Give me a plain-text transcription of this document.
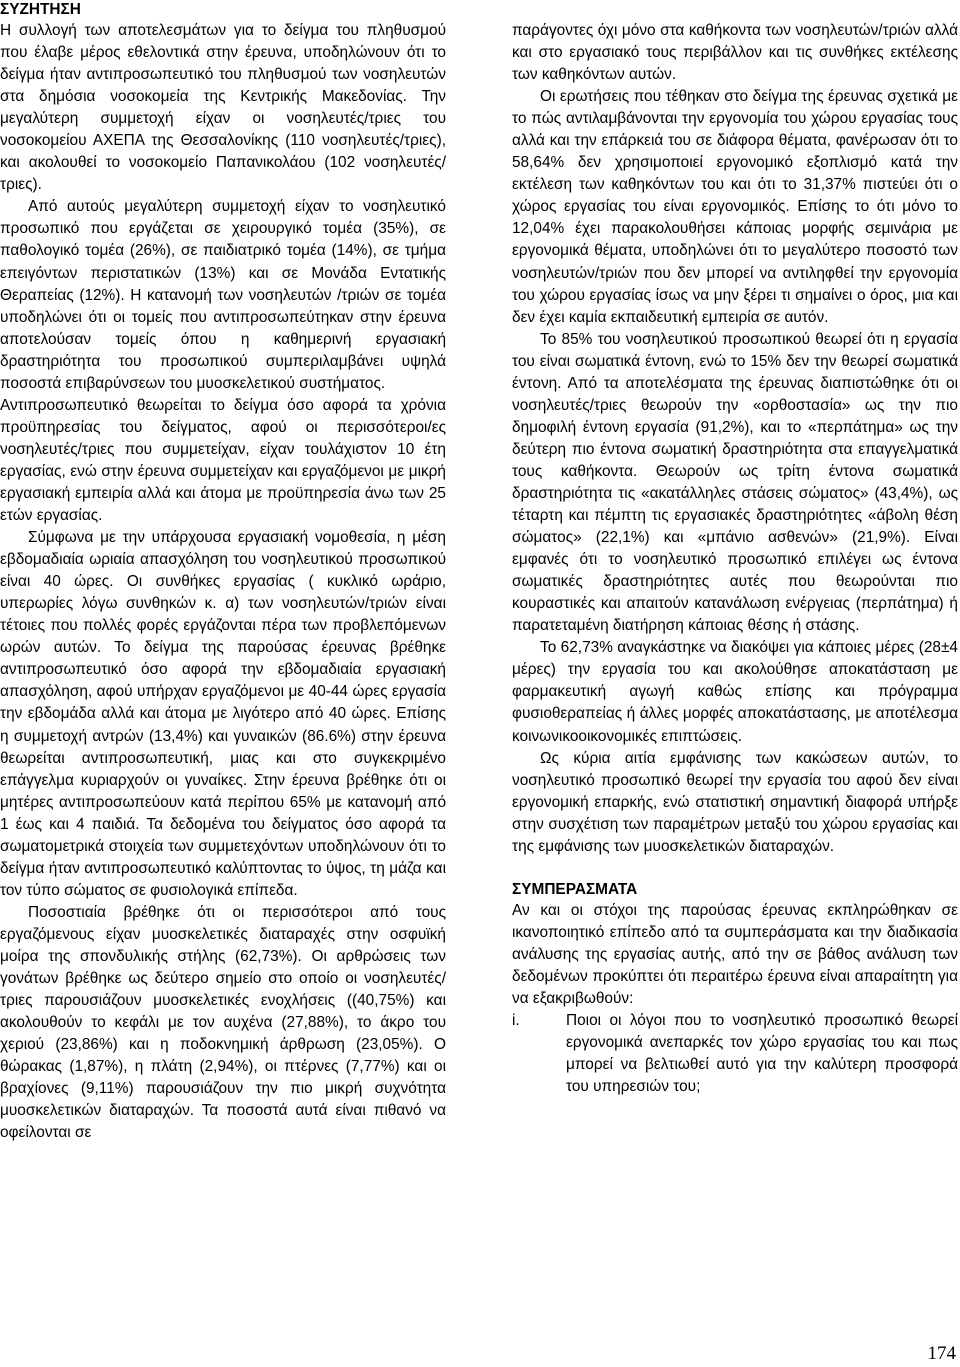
ΣΥΖΗΤΗΣΗ

Η συλλογή των αποτελεσμάτων για το δείγμα του πληθυσμού που έλαβε μέρος εθελοντικά στην έρευνα, υποδηλώνουν ότι το δείγμα ήταν αντιπροσωπευτικό του πληθυσμού των νοσηλευτών στα δημόσια νοσοκομεία της Κεντρικής Μακεδονίας. Την μεγαλύτερη συμμετοχή είχαν οι νοσηλευτές/τριες του νοσοκομείου ΑΧΕΠΑ της Θεσσαλονίκης (110 νοσηλευτές/τριες), και ακολουθεί το νοσοκομείο Παπανικολάου (102 νοσηλευτές/τριες).

Από αυτούς μεγαλύτερη συμμετοχή είχαν το νοσηλευτικό προσωπικό που εργάζεται σε χειρουργικό τομέα (35%), σε παθολογικό τομέα (26%), σε παιδιατρικό τομέα (14%), σε τμήμα επειγόντων περιστατικών (13%) και σε Μονάδα Εντατικής Θεραπείας (12%). Η κατανομή των νοσηλευτών /τριών σε τομέα υποδηλώνει ότι οι τομείς που αντιπροσωπεύτηκαν στην έρευνα αποτελούσαν τομείς όπου η καθημερινή εργασιακή δραστηριότητα του προσωπικού συμπεριλαμβάνει υψηλά ποσοστά επιβαρύνσεων του μυοσκελετικού συστήματος.

Αντιπροσωπευτικό θεωρείται το δείγμα όσο αφορά τα χρόνια προϋπηρεσίας του δείγματος, αφού οι περισσότεροι/ες νοσηλευτές/τριες που συμμετείχαν, είχαν τουλάχιστον 10 έτη εργασίας, ενώ στην έρευνα συμμετείχαν και εργαζόμενοι με μικρή εργασιακή εμπειρία αλλά και άτομα με προϋπηρεσία άνω των 25 ετών εργασίας.

Σύμφωνα με την υπάρχουσα εργασιακή νομοθεσία, η μέση εβδομαδιαία ωριαία απασχόληση του νοσηλευτικού προσωπικού είναι 40 ώρες. Οι συνθήκες εργασίας ( κυκλικό ωράριο, υπερωρίες λόγω συνθηκών κ. α) των νοσηλευτών/τριών είναι τέτοιες που πολλές φορές εργάζονται πέρα των προβλεπόμενων ωρών αυτών. Το δείγμα της παρούσας έρευνας βρέθηκε αντιπροσωπευτικό όσο αφορά την εβδομαδιαία εργασιακή απασχόληση, αφού υπήρχαν εργαζόμενοι με 40-44 ώρες εργασία την εβδομάδα αλλά και άτομα με λιγότερο από 40 ώρες. Επίσης η συμμετοχή αντρών (13,4%) και γυναικών (86.6%) στην έρευνα θεωρείται αντιπροσωπευτική, μιας και στο συγκεκριμένο επάγγελμα κυριαρχούν οι γυναίκες. Στην έρευνα βρέθηκε ότι οι μητέρες αντιπροσωπεύουν κατά περίπου 65% με κατανομή από 1 έως και 4 παιδιά. Τα δεδομένα του δείγματος όσο αφορά τα σωματομετρικά στοιχεία των συμμετεχόντων υποδηλώνουν ότι το δείγμα ήταν αντιπροσωπευτικό καλύπτοντας το ύψος, τη μάζα και τον τύπο σώματος σε φυσιολογικά επίπεδα.

Ποσοστιαία βρέθηκε ότι οι περισσότεροι από τους εργαζόμενους είχαν μυοσκελετικές διαταραχές στην οσφυϊκή μοίρα της σπονδυλικής στήλης (62,73%). Οι αρθρώσεις των γονάτων βρέθηκε ως δεύτερο σημείο στο οποίο οι νοσηλευτές/τριες παρουσιάζουν μυοσκελετικές ενοχλήσεις ((40,75%) και ακολουθούν το κεφάλι με τον αυχένα (27,88%), το άκρο του χεριού (23,86%) και η ποδοκνημική άρθρωση (23,05%). Ο θώρακας (1,87%), η πλάτη (2,94%), οι πτέρνες (7,77%) και οι βραχίονες (9,11%) παρουσιάζουν την πιο μικρή συχνότητα μυοσκελετικών διαταραχών. Τα ποσοστά αυτά είναι πιθανό να οφείλονται σε

παράγοντες όχι μόνο στα καθήκοντα των νοσηλευτών/τριών αλλά και στο εργασιακό τους περιβάλλον και τις συνθήκες εκτέλεσης των καθηκόντων αυτών.

Οι ερωτήσεις που τέθηκαν στο δείγμα της έρευνας σχετικά με το πώς αντιλαμβάνονται την εργονομία του χώρου εργασίας τους αλλά και την επάρκειά του σε διάφορα θέματα, φανέρωσαν ότι το 58,64% δεν χρησιμοποιεί εργονομικό εξοπλισμό κατά την εκτέλεση των καθηκόντων του και ότι το 31,37% πιστεύει ότι ο χώρος εργασίας του είναι εργονομικός. Επίσης το ότι μόνο το 12,04% έχει παρακολουθήσει κάποιας μορφής σεμινάρια με εργονομικά θέματα, υποδηλώνει ότι το μεγαλύτερο ποσοστό των νοσηλευτών/τριών που δεν μπορεί να αντιληφθεί την εργονομία του χώρου εργασίας ίσως να μην ξέρει τι σημαίνει ο όρος, μια και δεν έχει καμία εκπαιδευτική εμπειρία σε αυτόν.

Το 85% του νοσηλευτικού προσωπικού θεωρεί ότι η εργασία του είναι σωματικά έντονη, ενώ το 15% δεν την θεωρεί σωματικά έντονη. Από τα αποτελέσματα της έρευνας διαπιστώθηκε ότι οι νοσηλευτές/τριες θεωρούν την «ορθοστασία» ως την πιο δημοφιλή έντονη εργασία (91,2%), και το «περπάτημα» ως την δεύτερη πιο έντονα σωματική δραστηριότητα στα επαγγελματικά τους καθήκοντα. Θεωρούν ως τρίτη έντονα σωματικά δραστηριότητα τις «ακατάλληλες στάσεις σώματος» (43,4%), ως τέταρτη και πέμπτη τις εργασιακές δραστηριότητες «άβολη θέση σώματος» (22,1%) και «μπάνιο ασθενών» (21,9%). Είναι εμφανές ότι το νοσηλευτικό προσωπικό επιλέγει ως έντονα σωματικές δραστηριότητες αυτές που θεωρούνται πιο κουραστικές και απαιτούν κατανάλωση ενέργειας (περπάτημα) ή παρατεταμένη διατήρηση κάποιας θέσης ή στάσης.

Το 62,73% αναγκάστηκε να διακόψει για κάποιες μέρες (28±4 μέρες) την εργασία του και ακολούθησε αποκατάσταση με φαρμακευτική αγωγή καθώς επίσης και πρόγραμμα φυσιοθεραπείας ή άλλες μορφές αποκατάστασης, με αποτέλεσμα κοινωνικοοικονομικές επιπτώσεις.

Ως κύρια αιτία εμφάνισης των κακώσεων αυτών, το νοσηλευτικό προσωπικό θεωρεί την εργασία του αφού δεν είναι εργονομική επαρκής, ενώ στατιστική σημαντική διαφορά υπήρξε στην συσχέτιση των παραμέτρων μεταξύ του χώρου εργασίας και της εμφάνισης των μυοσκελετικών διαταραχών.

ΣΥΜΠΕΡΑΣΜΑΤΑ

Αν και οι στόχοι της παρούσας έρευνας εκπληρώθηκαν σε ικανοποιητικό επίπεδο από τα συμπεράσματα και την διαδικασία ανάλυσης της εργασίας αυτής, από την σε βάθος ανάλυση των δεδομένων προκύπτει ότι περαιτέρω έρευνα είναι απαραίτητη για να εξακριβωθούν:

i.	Ποιοι οι λόγοι που το νοσηλευτικό προσωπικό θεωρεί εργονομικά ανεπαρκές τον χώρο εργασίας του και πως μπορεί να βελτιωθεί αυτό για την καλύτερη προσφορά του υπηρεσιών του;
174
